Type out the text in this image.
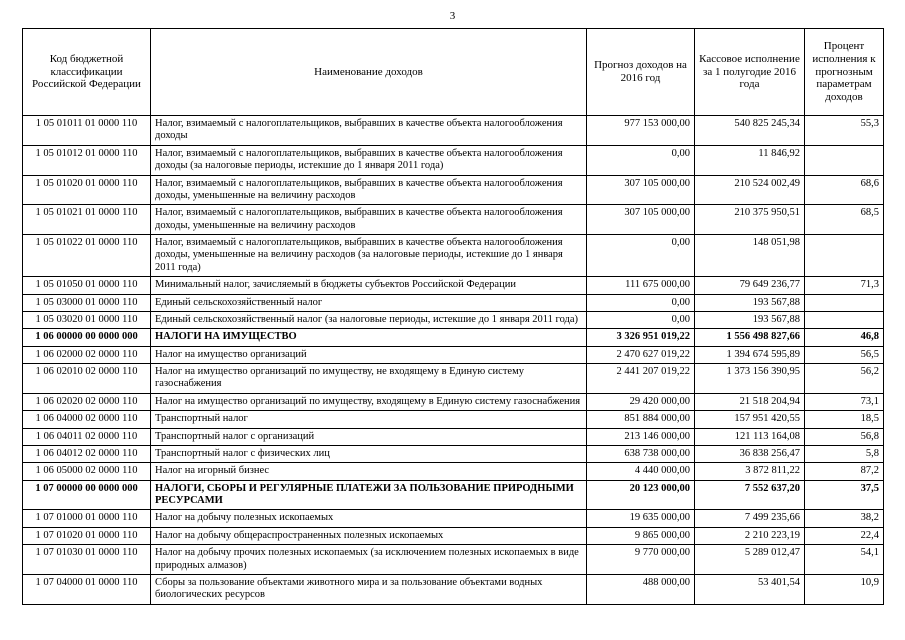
3
Код бюджетной классификации Российской Федерации	Наименование доходов	Прогноз доходов на 2016 год	Кассовое исполнение за 1 полугодие 2016 года	Процент исполнения к прогнозным параметрам доходов
1 05 01011 01 0000 110	Налог, взимаемый с налогоплательщиков, выбравших в качестве объекта налогообложения доходы	977 153 000,00	540 825 245,34	55,3
1 05 01012 01 0000 110	Налог, взимаемый с налогоплательщиков, выбравших в качестве объекта налогообложения доходы (за налоговые периоды, истекшие до 1 января 2011 года)	0,00	11 846,92	
1 05 01020 01 0000 110	Налог, взимаемый с налогоплательщиков, выбравших в качестве объекта налогообложения доходы, уменьшенные на величину расходов	307 105 000,00	210 524 002,49	68,6
1 05 01021 01 0000 110	Налог, взимаемый с налогоплательщиков, выбравших в качестве объекта налогообложения доходы, уменьшенные на величину расходов	307 105 000,00	210 375 950,51	68,5
1 05 01022 01 0000 110	Налог, взимаемый с налогоплательщиков, выбравших в качестве объекта налогообложения доходы, уменьшенные на величину расходов (за налоговые периоды, истекшие до 1 января 2011 года)	0,00	148 051,98	
1 05 01050 01 0000 110	Минимальный налог, зачисляемый в бюджеты субъектов Российской Федерации	111 675 000,00	79 649 236,77	71,3
1 05 03000 01 0000 110	Единый сельскохозяйственный налог	0,00	193 567,88	
1 05 03020 01 0000 110	Единый сельскохозяйственный налог (за налоговые периоды, истекшие до 1 января 2011 года)	0,00	193 567,88	
1 06 00000 00 0000 000	НАЛОГИ НА ИМУЩЕСТВО	3 326 951 019,22	1 556 498 827,66	46,8
1 06 02000 02 0000 110	Налог на имущество организаций	2 470 627 019,22	1 394 674 595,89	56,5
1 06 02010 02 0000 110	Налог на имущество организаций по имуществу, не входящему в Единую систему газоснабжения	2 441 207 019,22	1 373 156 390,95	56,2
1 06 02020 02 0000 110	Налог на имущество организаций по имуществу, входящему в Единую систему газоснабжения	29 420 000,00	21 518 204,94	73,1
1 06 04000 02 0000 110	Транспортный налог	851 884 000,00	157 951 420,55	18,5
1 06 04011 02 0000 110	Транспортный налог с организаций	213 146 000,00	121 113 164,08	56,8
1 06 04012 02 0000 110	Транспортный налог с физических лиц	638 738 000,00	36 838 256,47	5,8
1 06 05000 02 0000 110	Налог на игорный бизнес	4 440 000,00	3 872 811,22	87,2
1 07 00000 00 0000 000	НАЛОГИ, СБОРЫ И РЕГУЛЯРНЫЕ ПЛАТЕЖИ ЗА ПОЛЬЗОВАНИЕ ПРИРОДНЫМИ РЕСУРСАМИ	20 123 000,00	7 552 637,20	37,5
1 07 01000 01 0000 110	Налог на добычу полезных ископаемых	19 635 000,00	7 499 235,66	38,2
1 07 01020 01 0000 110	Налог на добычу общераспространенных полезных ископаемых	9 865 000,00	2 210 223,19	22,4
1 07 01030 01 0000 110	Налог на добычу прочих полезных ископаемых (за исключением полезных ископаемых в виде природных алмазов)	9 770 000,00	5 289 012,47	54,1
1 07 04000 01 0000 110	Сборы за пользование объектами животного мира и за пользование объектами водных биологических ресурсов	488 000,00	53 401,54	10,9
